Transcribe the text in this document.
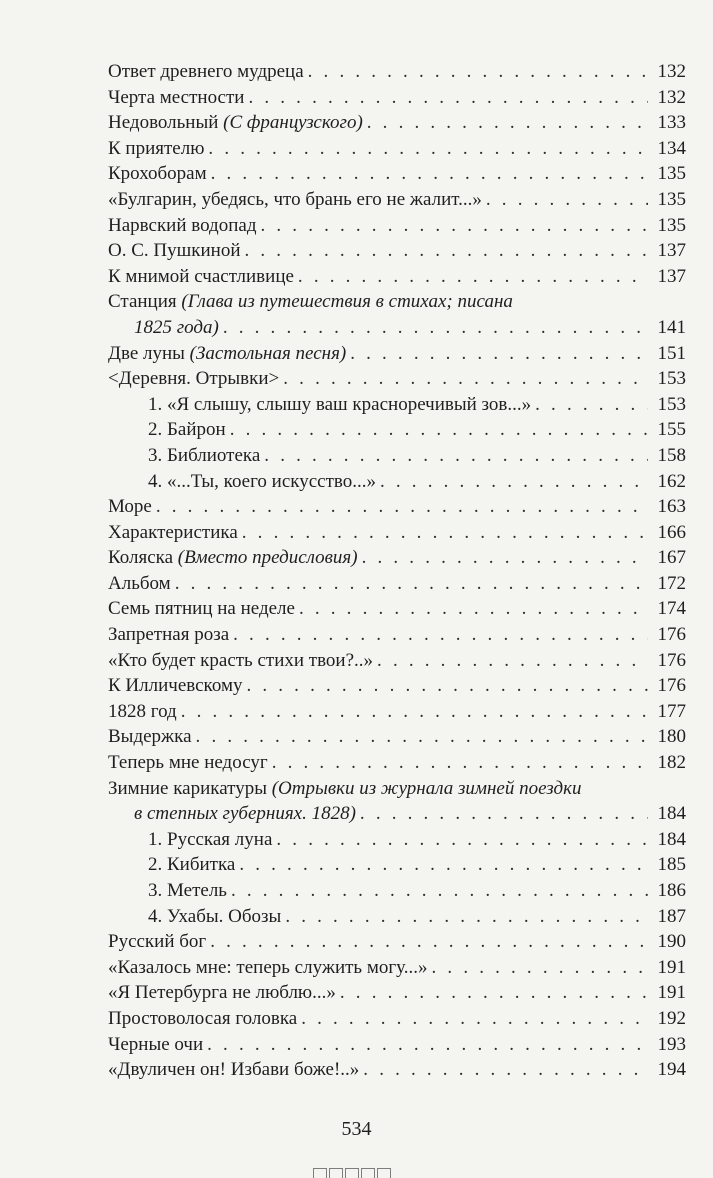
Ответ древнего мудреца . . .	132
Черта местности . . .	132
Недовольный (С французского) . . .	133
К приятелю . . .	134
Крохоборам . . .	135
«Булгарин, убедясь, что брань его не жалит...» . . .	135
Нарвский водопад . . .	135
О. С. Пушкиной . . .	137
К мнимой счастливице . . .	137
Станция (Глава из путешествия в стихах; писана
1825 года) . . .	141
Две луны (Застольная песня) . . .	151
<Деревня. Отрывки> . . .	153
1. «Я слышу, слышу ваш красноречивый зов...» . . .	153
2. Байрон . . .	155
3. Библиотека . . .	158
4. «...Ты, коего искусство...» . . .	162
Море . . .	163
Характеристика . . .	166
Коляска (Вместо предисловия) . . .	167
Альбом . . .	172
Семь пятниц на неделе . . .	174
Запретная роза . . .	176
«Кто будет красть стихи твои?..» . . .	176
К Илличевскому . . .	176
1828 год . . .	177
Выдержка . . .	180
Теперь мне недосуг . . .	182
Зимние карикатуры (Отрывки из журнала зимней поездки
в степных губерниях. 1828) . . .	184
1. Русская луна . . .	184
2. Кибитка . . .	185
3. Метель . . .	186
4. Ухабы. Обозы . . .	187
Русский бог . . .	190
«Казалось мне: теперь служить могу...» . . .	191
«Я Петербурга не люблю...» . . .	191
Простоволосая головка . . .	192
Черные очи . . .	193
«Двуличен он! Избави боже!..» . . .	194
534
